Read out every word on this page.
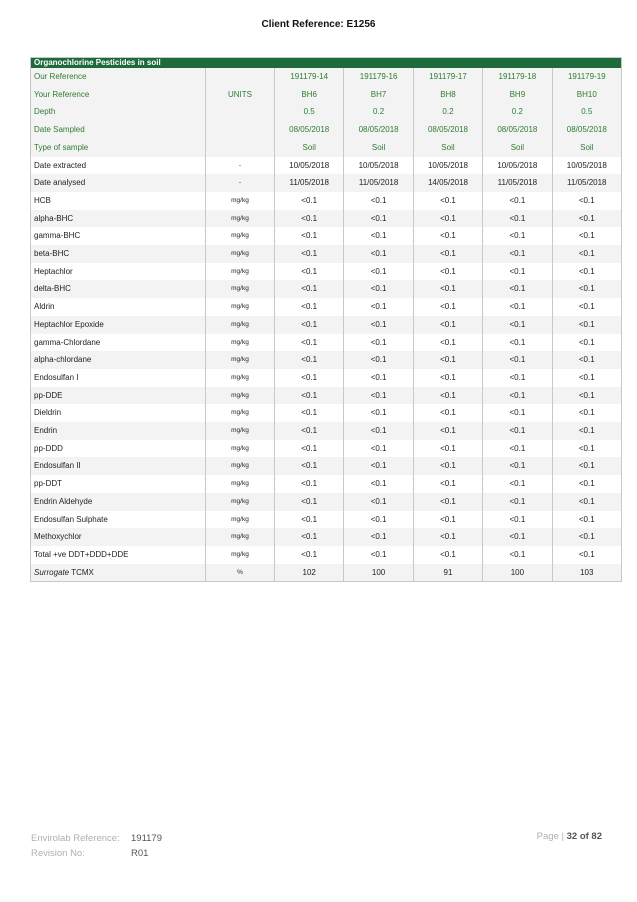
Client Reference: E1256
Organochlorine Pesticides in soil						
Our Reference		191179-14	191179-16	191179-17	191179-18	191179-19
Your Reference	UNITS	BH6	BH7	BH8	BH9	BH10
Depth		0.5	0.2	0.2	0.2	0.5
Date Sampled		08/05/2018	08/05/2018	08/05/2018	08/05/2018	08/05/2018
Type of sample		Soil	Soil	Soil	Soil	Soil
Date extracted	-	10/05/2018	10/05/2018	10/05/2018	10/05/2018	10/05/2018
Date analysed	-	11/05/2018	11/05/2018	14/05/2018	11/05/2018	11/05/2018
HCB	mg/kg	<0.1	<0.1	<0.1	<0.1	<0.1
alpha-BHC	mg/kg	<0.1	<0.1	<0.1	<0.1	<0.1
gamma-BHC	mg/kg	<0.1	<0.1	<0.1	<0.1	<0.1
beta-BHC	mg/kg	<0.1	<0.1	<0.1	<0.1	<0.1
Heptachlor	mg/kg	<0.1	<0.1	<0.1	<0.1	<0.1
delta-BHC	mg/kg	<0.1	<0.1	<0.1	<0.1	<0.1
Aldrin	mg/kg	<0.1	<0.1	<0.1	<0.1	<0.1
Heptachlor Epoxide	mg/kg	<0.1	<0.1	<0.1	<0.1	<0.1
gamma-Chlordane	mg/kg	<0.1	<0.1	<0.1	<0.1	<0.1
alpha-chlordane	mg/kg	<0.1	<0.1	<0.1	<0.1	<0.1
Endosulfan I	mg/kg	<0.1	<0.1	<0.1	<0.1	<0.1
pp-DDE	mg/kg	<0.1	<0.1	<0.1	<0.1	<0.1
Dieldrin	mg/kg	<0.1	<0.1	<0.1	<0.1	<0.1
Endrin	mg/kg	<0.1	<0.1	<0.1	<0.1	<0.1
pp-DDD	mg/kg	<0.1	<0.1	<0.1	<0.1	<0.1
Endosulfan II	mg/kg	<0.1	<0.1	<0.1	<0.1	<0.1
pp-DDT	mg/kg	<0.1	<0.1	<0.1	<0.1	<0.1
Endrin Aldehyde	mg/kg	<0.1	<0.1	<0.1	<0.1	<0.1
Endosulfan Sulphate	mg/kg	<0.1	<0.1	<0.1	<0.1	<0.1
Methoxychlor	mg/kg	<0.1	<0.1	<0.1	<0.1	<0.1
Total +ve DDT+DDD+DDE	mg/kg	<0.1	<0.1	<0.1	<0.1	<0.1
Surrogate TCMX	%	102	100	91	100	103
Envirolab Reference: 191179
Revision No:	R01
Page | 32 of 82
